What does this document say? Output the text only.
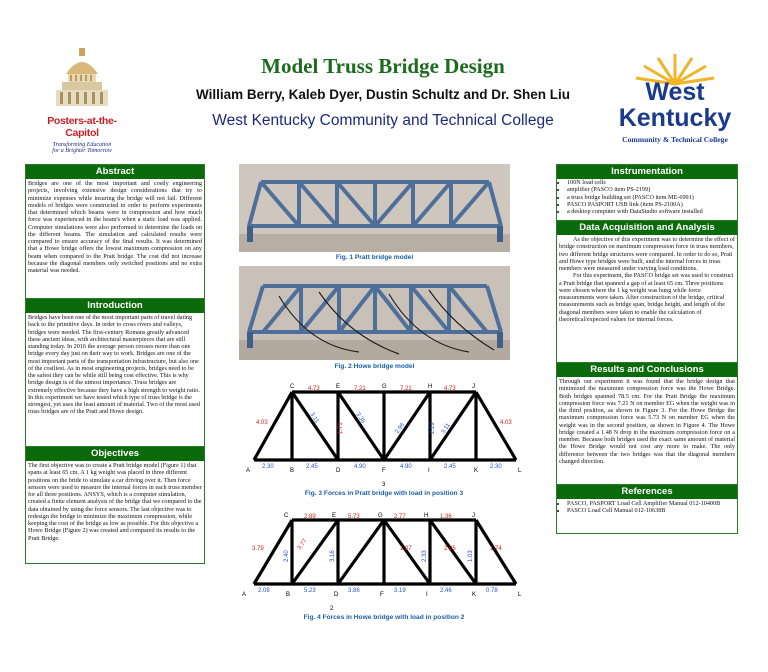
Model Truss Bridge Design
William Berry, Kaleb Dyer, Dustin Schultz and Dr. Shen Liu
West Kentucky Community and Technical College
Posters-at-the-Capitol
Transforming Education
for a Brighter Tomorrow
West
Kentucky
Community & Technical College
Abstract
Bridges are one of the most important and costly engineering projects, involving extensive design considerations that try to minimize expenses while insuring the bridge will not fail. Different models of bridges were constructed in order to perform experiments that determined which beams were in compression and how much force was experienced in the beam's when a static load was applied. Computer simulations were also performed to determine the loads on the different beams. The simulation and calculated results were compared to ensure accuracy of the final results. It was determined that a Howe bridge offers the lowest maximum compression on any beam when compared to the Pratt bridge. The cost did not increase because the diagonal members only switched positions and no extra material was needed.
Introduction
Bridges have been one of the most important parts of travel dating back to the primitive days. In order to cross rivers and valleys, bridges were needed. The first-century Romans greatly advanced these ancient ideas, with architectural masterpieces that are still standing today. In 2016 the average person crosses more than one bridge every day just on their way to work. Bridges are one of the most important parts of the transportation infrastructure, but also one of the costliest. As in most engineering projects, bridges need to be the safest they can be while still being cost effective. This is why bridge design is of the utmost importance. Truss bridges are extremely effective because they have a high strength to weight ratio. In this experiment we have tested which type of truss bridge is the strongest, yet uses the least amount of material. Two of the most used truss bridges are of the Pratt and Howe design.
Objectives
The first objective was to create a Pratt bridge model (Figure 1) that spans at least 65 cm. A 1 kg weight was placed in three different positions on the bride to simulate a car driving over it. Then force sensors were used to measure the internal forces in each truss member for all three positions. ANSYS, which is a computer simulation, created a finite element analysis of the bridge that we compared to the data obtained by using the force sensors. The last objective was to redesign the bridge to minimize the maximum compression, while keeping the cost of the bridge as low as possible. For this objective a Howe Bridge (Figure 2) was created and compared its results to the Pratt Bridge.
Instrumentation
• 100N load cells
• amplifier (PASCO item PS-2199)
• a truss bridge building set (PASCO item ME-6991)
• PASCO PASPORT USB link (item PS-2100A)
• a desktop computer with DataStudio software installed
Data Acquisition and Analysis

As the objective of this experiment was to determine the effect of bridge construction on maximum compression force in truss members, two different bridge structures were compared. In order to do so, Pratt and Howe type bridges were built, and the internal forces in truss members were measured under varying load conditions.

For this experiment, the PASCO bridge set was used to construct a Pratt bridge that spanned a gap of at least 65 cm. Three positions were chosen where the 1 kg weight was hung while force measurements were taken. After construction of the bridge, critical measurements such as bridge span, bridge height, and length of the diagonal members were taken to enable the calculation of theoretical/expected values for internal forces.

Results and Conclusions
Through our experiment it was found that the bridge design that minimized the maximum compression force was the Howe Bridge. Both bridges spanned 78.5 cm. For the Pratt Bridge the maximum compression force was 7.21 N on member EG when the weight was in the third position, as shown in Figure 3. For the Howe Bridge the maximum compression force was 5.73 N on member EG when the weight was in the second position, as shown in Figure 4. The Howe bridge created a 1.48 N drop in the maximum compression force on a member. Because both bridges used the exact same amount of material the Howe Bridge would not cost any more to make. The only difference between the two bridges was that the diagonal members changed direction.
References
• PASCO, PASPORT Load Cell Amplifier Manual 012-10400B
• PASCO Load Cell Manual 012-10638B
Fig. 1 Pratt bridge model
Fig. 2 Howe bridge model
C	E	G	H	J
A	B	D	F	I	K	L
3
4.73	7.21	7.21	4.73
4.03	4.03
1.71
2.30	2.45	4.90	4.90	2.45	2.30
3.11	3.36
2.96	3.11
2.19
Fig. 3 Forces in Pratt bridge with load in position 3
C	E	G	H	J
A	B	D	F	I	K	L
2
2.89	5.73	2.77	1.36
3.79	1.74
3.77	1.07	2.05
2.08	5.23	3.86	3.19	2.46	0.78
2.40	3.16	2.33	1.03
Fig. 4 Forces in Howe bridge with load in position 2
